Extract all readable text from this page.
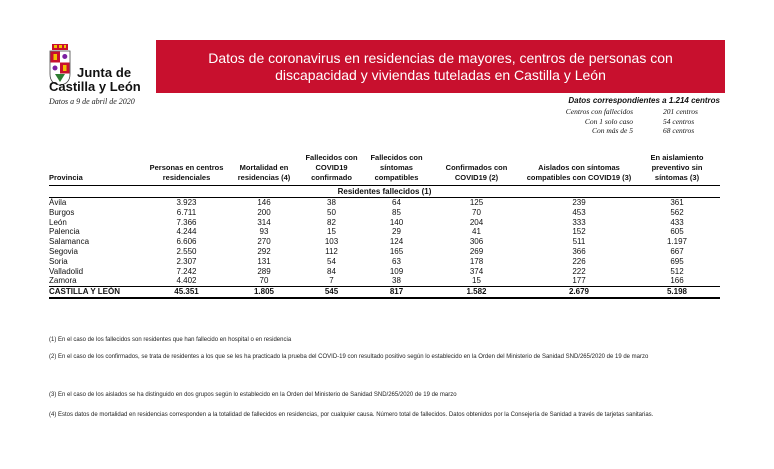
Junta de
Castilla y León
Datos a 9 de abril de 2020
Datos de coronavirus en residencias de mayores, centros de personas con discapacidad y viviendas tuteladas en Castilla y León
Datos correspondientes a 1.214 centros
Centros con fallecidos	201 centros
Con 1 solo caso	54 centros
Con más de 5	68 centros
Provincia	Personas en centros residenciales	Mortalidad en residencias (4)	Fallecidos con COVID19 confirmado	Fallecidos con síntomas compatibles	Confirmados con COVID19 (2)	Aislados con síntomas compatibles con COVID19 (3)	En aislamiento preventivo sin síntomas (3)
Residentes fallecidos (1)							
Ávila	3.923	146	38	64	125	239	361
Burgos	6.711	200	50	85	70	453	562
León	7.366	314	82	140	204	333	433
Palencia	4.244	93	15	29	41	152	605
Salamanca	6.606	270	103	124	306	511	1.197
Segovia	2.550	292	112	165	269	366	667
Soria	2.307	131	54	63	178	226	695
Valladolid	7.242	289	84	109	374	222	512
Zamora	4.402	70	7	38	15	177	166
CASTILLA Y LEÓN	45.351	1.805	545	817	1.582	2.679	5.198
(1) En el caso de los fallecidos son residentes que han fallecido en hospital o en residencia
(2) En el caso de los confirmados, se trata de residentes a los que se les ha practicado la prueba del COVID-19 con resultado positivo según lo establecido en la Orden del Ministerio de Sanidad SND/265/2020 de 19 de marzo
(3) En el caso de los aislados se ha distinguido en dos grupos según lo establecido en la Orden del Ministerio de Sanidad SND/265/2020 de 19 de marzo
(4) Estos datos de mortalidad en residencias corresponden a la totalidad de fallecidos en residencias, por cualquier causa. Número total de fallecidos. Datos obtenidos por la Consejería de Sanidad a través de tarjetas sanitarias.
